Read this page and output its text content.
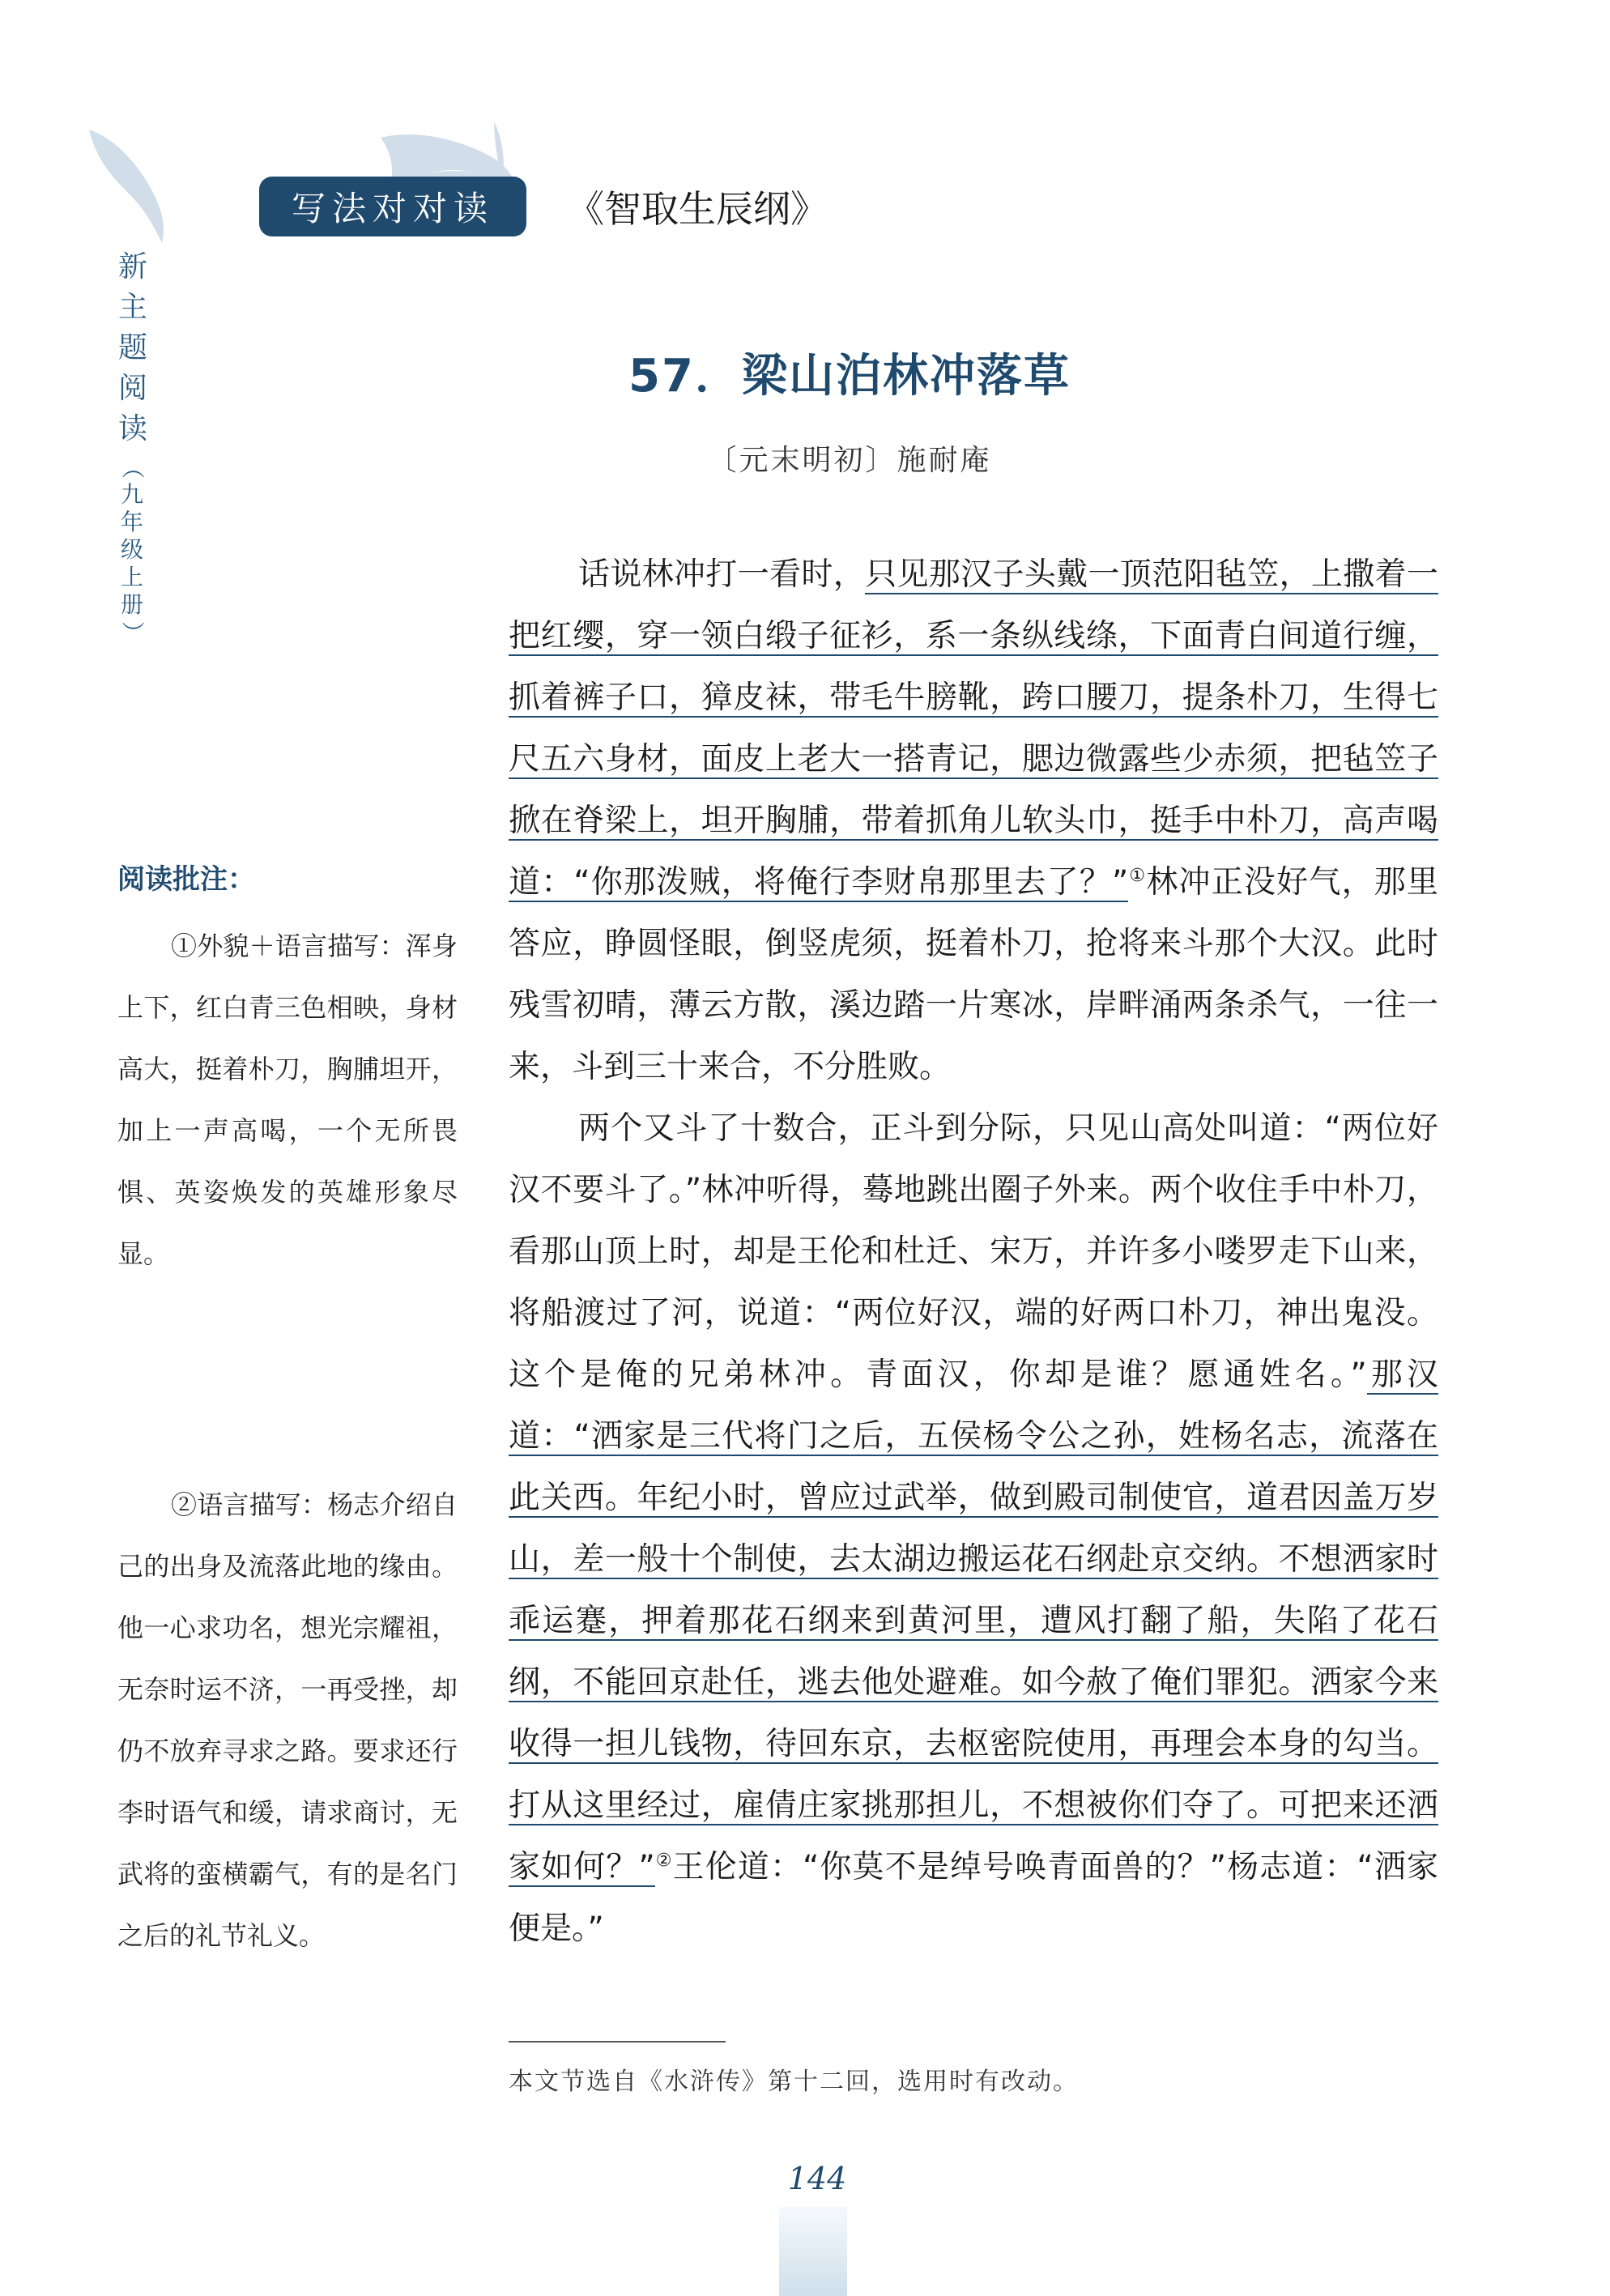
写法对对读	《智取生辰纲》
新
主
题
阅
读
（
九
年
级
上
册
）
57．梁山泊林冲落草
〔元末明初〕施耐庵
阅读批注：
①外貌＋语言描写：浑身上下，红白青三色相映，身材高大，挺着朴刀，胸脯坦开，加上一声高喝，一个无所畏惧、英姿焕发的英雄形象尽显。
②语言描写：杨志介绍自己的出身及流落此地的缘由。他一心求功名，想光宗耀祖，无奈时运不济，一再受挫，却仍不放弃寻求之路。要求还行李时语气和缓，请求商讨，无武将的蛮横霸气，有的是名门之后的礼节礼义。

话说林冲打一看时，只见那汉子头戴一顶范阳毡笠，上撒着一把红缨，穿一领白缎子征衫，系一条纵线绦，下面青白间道行缠，抓着裤子口，獐皮袜，带毛牛膀靴，跨口腰刀，提条朴刀，生得七尺五六身材，面皮上老大一搭青记，腮边微露些少赤须，把毡笠子掀在脊梁上，坦开胸脯，带着抓角儿软头巾，挺手中朴刀，高声喝道：“你那泼贼，将俺行李财帛那里去了？”①林冲正没好气，那里答应，睁圆怪眼，倒竖虎须，挺着朴刀，抢将来斗那个大汉。此时残雪初晴，薄云方散，溪边踏一片寒冰，岸畔涌两条杀气，一往一来，斗到三十来合，不分胜败。

两个又斗了十数合，正斗到分际，只见山高处叫道：“两位好汉不要斗了。”林冲听得，蓦地跳出圈子外来。两个收住手中朴刀，看那山顶上时，却是王伦和杜迁、宋万，并许多小喽罗走下山来，将船渡过了河，说道：“两位好汉，端的好两口朴刀，神出鬼没。这个是俺的兄弟林冲。青面汉，你却是谁？愿通姓名。”那汉道：“洒家是三代将门之后，五侯杨令公之孙，姓杨名志，流落在此关西。年纪小时，曾应过武举，做到殿司制使官，道君因盖万岁山，差一般十个制使，去太湖边搬运花石纲赴京交纳。不想洒家时乖运蹇，押着那花石纲来到黄河里，遭风打翻了船，失陷了花石纲，不能回京赴任，逃去他处避难。如今赦了俺们罪犯。洒家今来收得一担儿钱物，待回东京，去枢密院使用，再理会本身的勾当。打从这里经过，雇倩庄家挑那担儿，不想被你们夺了。可把来还洒家如何？”②王伦道：“你莫不是绰号唤青面兽的？”杨志道：“洒家便是。”

本文节选自《水浒传》第十二回，选用时有改动。
144
